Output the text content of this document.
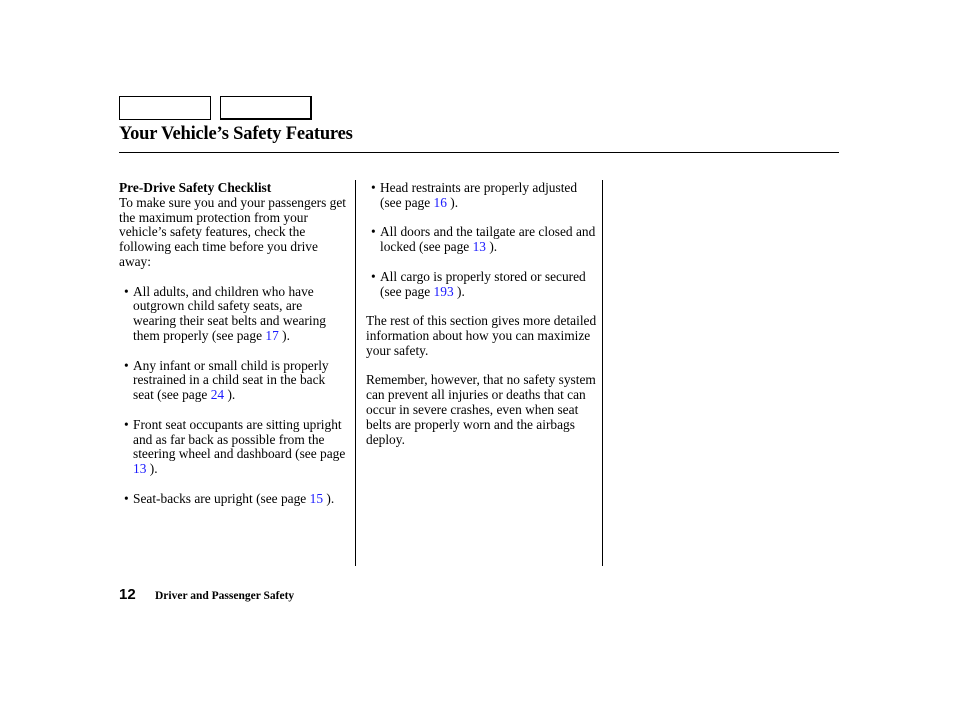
Your Vehicle’s Safety Features

Pre-Drive Safety Checklist

To make sure you and your passengers get the maximum protection from your vehicle’s safety features, check the following each time before you drive away:

• All adults, and children who have outgrown child safety seats, are wearing their seat belts and wearing them properly (see page 17 ).
• Any infant or small child is properly restrained in a child seat in the back seat (see page 24 ).
• Front seat occupants are sitting upright and as far back as possible from the steering wheel and dashboard (see page 13 ).
• Seat-backs are upright (see page 15 ).
• Head restraints are properly adjusted (see page 16 ).
• All doors and the tailgate are closed and locked (see page 13 ).
• All cargo is properly stored or secured (see page 193 ).

The rest of this section gives more detailed information about how you can maximize your safety.

Remember, however, that no safety system can prevent all injuries or deaths that can occur in severe crashes, even when seat belts are properly worn and the airbags deploy.

12 Driver and Passenger Safety
